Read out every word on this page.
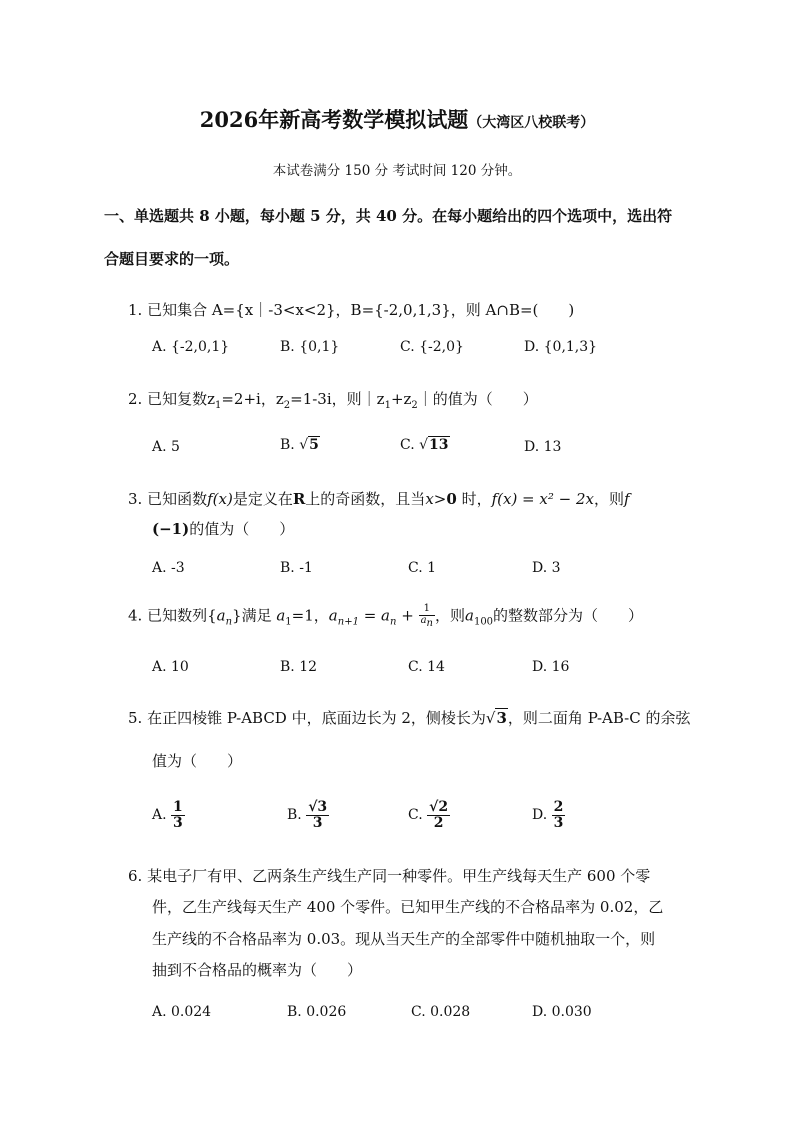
2026年新高考数学模拟试题（大湾区八校联考）
本试卷满分 150 分 考试时间 120 分钟。
一、单选题共 8 小题，每小题 5 分，共 40 分。在每小题给出的四个选项中，选出符
合题目要求的一项。
1. 已知集合 A={x｜-3<x<2}，B={-2,0,1,3}，则 A∩B=(　　)
A. {-2,0,1}	B. {0,1}	C. {-2,0}	D. {0,1,3}
2. 已知复数$z_1=2+i$，$z_2=1-3i$，则$|z_1+z_2|$的值为（　　）
A. 5	B. √5	C. √13	D. 13
3. 已知函数f(x)是定义在R上的奇函数，且当x>0 时，f(x) = x² − 2x，则f
(−1)的值为（　　）
A. -3	B. -1	C. 1	D. 3
4. 已知数列$\{a_n\}$满足 $a_1=1$，$a_{n+1} = a_n + \frac{1}{a_n}$ ，则$a_{100}$的整数部分为（　　）
A. 10	B. 12	C. 14	D. 16
5. 在正四棱锥 P-ABCD 中，底面边长为 2，侧棱长为√3，则二面角 P-AB-C 的余弦
值为（　　）
A. $\frac{1}{3}$	B. $\frac{√3}{3}$	C. $\frac{√2}{2}$	D. $\frac{2}{3}$
6. 某电子厂有甲、乙两条生产线生产同一种零件。甲生产线每天生产 600 个零
件，乙生产线每天生产 400 个零件。已知甲生产线的不合格品率为 0.02，乙
生产线的不合格品率为 0.03。现从当天生产的全部零件中随机抽取一个，则
抽到不合格品的概率为（　　）
A. 0.024	B. 0.026	C. 0.028	D. 0.030
